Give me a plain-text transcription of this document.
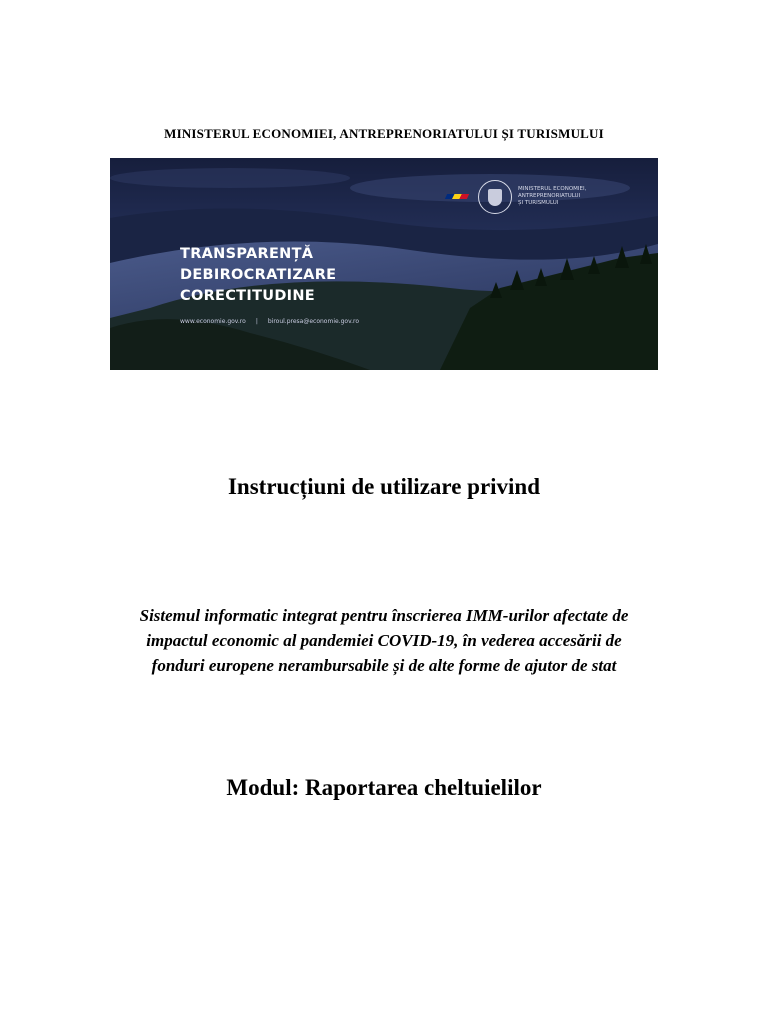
MINISTERUL ECONOMIEI, ANTREPRENORIATULUI ȘI TURISMULUI
MINISTERUL ECONOMIEI,
ANTREPRENORIATULUI
ȘI TURISMULUI
TRANSPARENȚĂ
DEBIROCRATIZARE
CORECTITUDINE
www.economie.gov.ro | biroul.presa@economie.gov.ro
Instrucțiuni de utilizare privind
Sistemul informatic integrat pentru înscrierea IMM-urilor afectate de
impactul economic al pandemiei COVID-19, în vederea accesării de
fonduri europene nerambursabile și de alte forme de ajutor de stat
Modul: Raportarea cheltuielilor
